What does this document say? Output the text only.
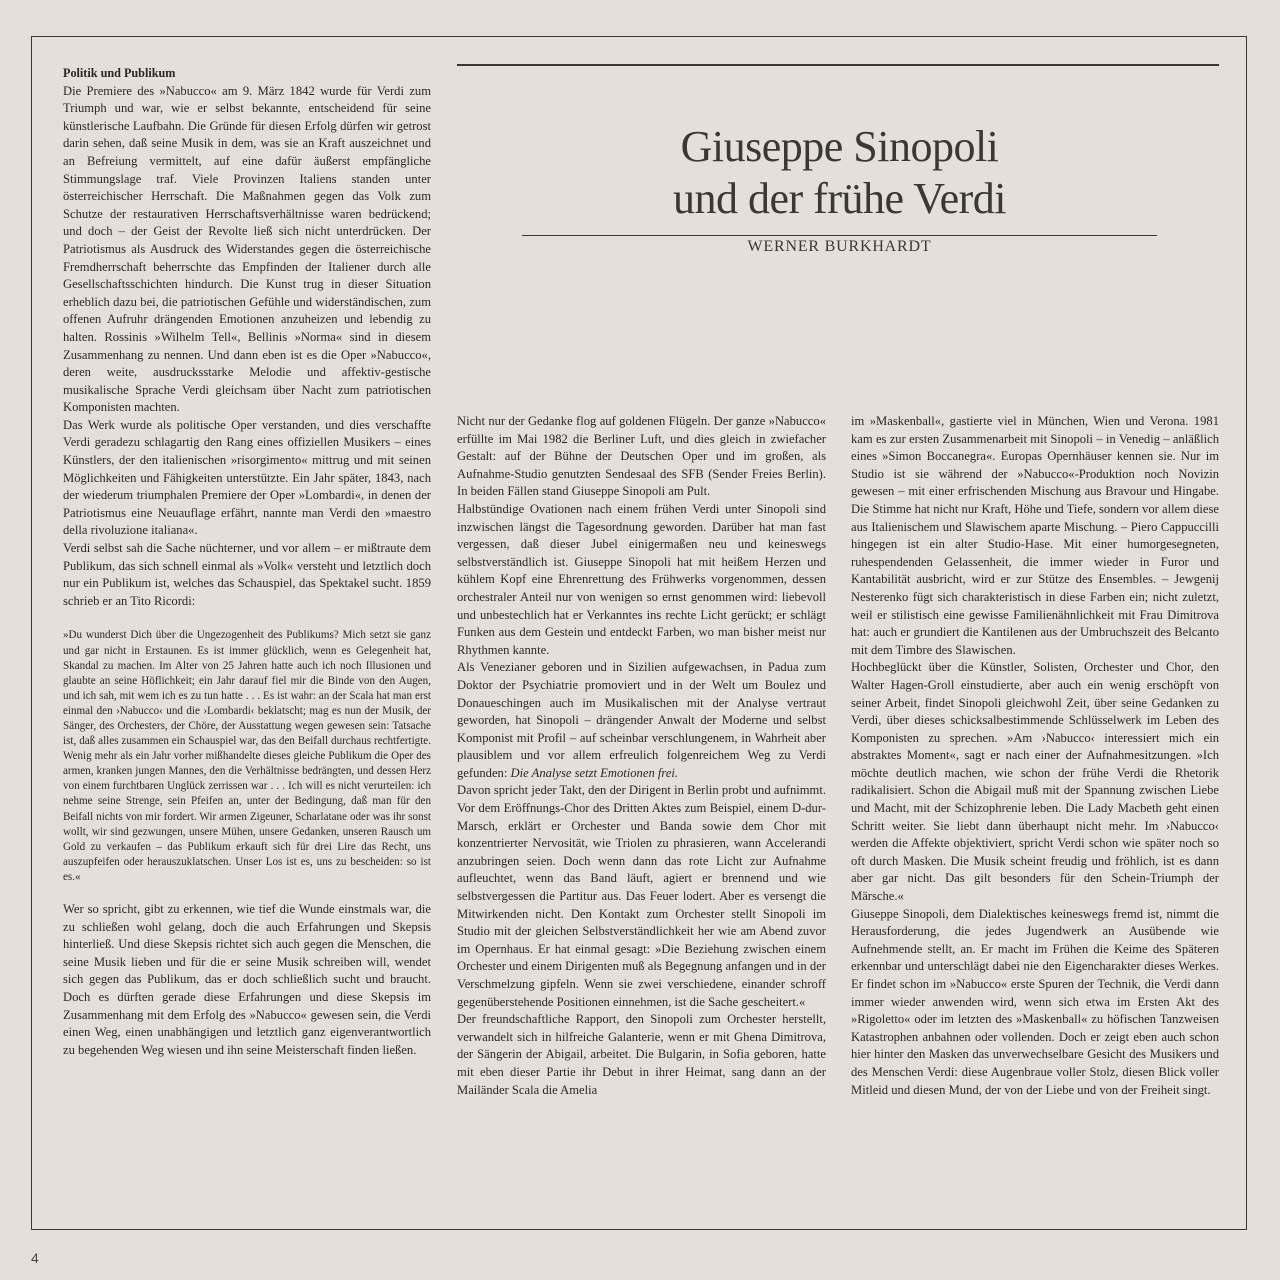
Giuseppe Sinopoli
und der frühe Verdi
WERNER BURKHARDT

Politik und Publikum

Die Premiere des »Nabucco« am 9. März 1842 wurde für Verdi zum Triumph und war, wie er selbst bekannte, entscheidend für seine künstlerische Laufbahn. Die Gründe für diesen Erfolg dürfen wir getrost darin sehen, daß seine Musik in dem, was sie an Kraft auszeichnet und an Befreiung vermittelt, auf eine dafür äußerst empfängliche Stimmungslage traf. Viele Provinzen Italiens standen unter österreichischer Herrschaft. Die Maßnahmen gegen das Volk zum Schutze der restaurativen Herrschaftsverhältnisse waren bedrückend; und doch – der Geist der Revolte ließ sich nicht unterdrücken. Der Patriotismus als Ausdruck des Widerstandes gegen die österreichische Fremdherrschaft beherrschte das Empfinden der Italiener durch alle Gesellschaftsschichten hindurch. Die Kunst trug in dieser Situation erheblich dazu bei, die patriotischen Gefühle und widerständischen, zum offenen Aufruhr drängenden Emotionen anzuheizen und lebendig zu halten. Rossinis »Wilhelm Tell«, Bellinis »Norma« sind in diesem Zusammenhang zu nennen. Und dann eben ist es die Oper »Nabucco«, deren weite, ausdrucksstarke Melodie und affektiv-gestische musikalische Sprache Verdi gleichsam über Nacht zum patriotischen Komponisten machten.

Das Werk wurde als politische Oper verstanden, und dies verschaffte Verdi geradezu schlagartig den Rang eines offiziellen Musikers – eines Künstlers, der den italienischen »risorgimento« mittrug und mit seinen Möglichkeiten und Fähigkeiten unterstützte. Ein Jahr später, 1843, nach der wiederum triumphalen Premiere der Oper »Lombardi«, in denen der Patriotismus eine Neuauflage erfährt, nannte man Verdi den »maestro della rivoluzione italiana«.

Verdi selbst sah die Sache nüchterner, und vor allem – er mißtraute dem Publikum, das sich schnell einmal als »Volk« versteht und letztlich doch nur ein Publikum ist, welches das Schauspiel, das Spektakel sucht. 1859 schrieb er an Tito Ricordi:

»Du wunderst Dich über die Ungezogenheit des Publikums? Mich setzt sie ganz und gar nicht in Erstaunen. Es ist immer glücklich, wenn es Gelegenheit hat, Skandal zu machen. Im Alter von 25 Jahren hatte auch ich noch Illusionen und glaubte an seine Höflichkeit; ein Jahr darauf fiel mir die Binde von den Augen, und ich sah, mit wem ich es zu tun hatte . . . Es ist wahr: an der Scala hat man erst einmal den ›Nabucco‹ und die ›Lombardi‹ beklatscht; mag es nun der Musik, der Sänger, des Orchesters, der Chöre, der Ausstattung wegen gewesen sein: Tatsache ist, daß alles zusammen ein Schauspiel war, das den Beifall durchaus rechtfertigte. Wenig mehr als ein Jahr vorher mißhandelte dieses gleiche Publikum die Oper des armen, kranken jungen Mannes, den die Verhältnisse bedrängten, und dessen Herz von einem furchtbaren Unglück zerrissen war . . . Ich will es nicht verurteilen: ich nehme seine Strenge, sein Pfeifen an, unter der Bedingung, daß man für den Beifall nichts von mir fordert. Wir armen Zigeuner, Scharlatane oder was ihr sonst wollt, wir sind gezwungen, unsere Mühen, unsere Gedanken, unseren Rausch um Gold zu verkaufen – das Publikum erkauft sich für drei Lire das Recht, uns auszupfeifen oder herauszuklatschen. Unser Los ist es, uns zu bescheiden: so ist es.«

Wer so spricht, gibt zu erkennen, wie tief die Wunde einstmals war, die zu schließen wohl gelang, doch die auch Erfahrungen und Skepsis hinterließ. Und diese Skepsis richtet sich auch gegen die Menschen, die seine Musik lieben und für die er seine Musik schreiben will, wendet sich gegen das Publikum, das er doch schließlich sucht und braucht. Doch es dürften gerade diese Erfahrungen und diese Skepsis im Zusammenhang mit dem Erfolg des »Nabucco« gewesen sein, die Verdi einen Weg, einen unabhängigen und letztlich ganz eigenverantwortlich zu begehenden Weg wiesen und ihn seine Meisterschaft finden ließen.

Nicht nur der Gedanke flog auf goldenen Flügeln. Der ganze »Nabucco« erfüllte im Mai 1982 die Berliner Luft, und dies gleich in zwiefacher Gestalt: auf der Bühne der Deutschen Oper und im großen, als Aufnahme-Studio genutzten Sendesaal des SFB (Sender Freies Berlin). In beiden Fällen stand Giuseppe Sinopoli am Pult.

Halbstündige Ovationen nach einem frühen Verdi unter Sinopoli sind inzwischen längst die Tagesordnung geworden. Darüber hat man fast vergessen, daß dieser Jubel einigermaßen neu und keineswegs selbstverständlich ist. Giuseppe Sinopoli hat mit heißem Herzen und kühlem Kopf eine Ehrenrettung des Frühwerks vorgenommen, dessen orchestraler Anteil nur von wenigen so ernst genommen wird: liebevoll und unbestechlich hat er Verkanntes ins rechte Licht gerückt; er schlägt Funken aus dem Gestein und entdeckt Farben, wo man bisher meist nur Rhythmen kannte.

Als Venezianer geboren und in Sizilien aufgewachsen, in Padua zum Doktor der Psychiatrie promoviert und in der Welt um Boulez und Donaueschingen auch im Musikalischen mit der Analyse vertraut geworden, hat Sinopoli – drängender Anwalt der Moderne und selbst Komponist mit Profil – auf scheinbar verschlungenem, in Wahrheit aber plausiblem und vor allem erfreulich folgenreichem Weg zu Verdi gefunden: Die Analyse setzt Emotionen frei.

Davon spricht jeder Takt, den der Dirigent in Berlin probt und aufnimmt. Vor dem Eröffnungs-Chor des Dritten Aktes zum Beispiel, einem D-dur-Marsch, erklärt er Orchester und Banda sowie dem Chor mit konzentrierter Nervosität, wie Triolen zu phrasieren, wann Accelerandi anzubringen seien. Doch wenn dann das rote Licht zur Aufnahme aufleuchtet, wenn das Band läuft, agiert er brennend und wie selbstvergessen die Partitur aus. Das Feuer lodert. Aber es versengt die Mitwirkenden nicht. Den Kontakt zum Orchester stellt Sinopoli im Studio mit der gleichen Selbstverständlichkeit her wie am Abend zuvor im Opernhaus. Er hat einmal gesagt: »Die Beziehung zwischen einem Orchester und einem Dirigenten muß als Begegnung anfangen und in der Verschmelzung gipfeln. Wenn sie zwei verschiedene, einander schroff gegenüberstehende Positionen einnehmen, ist die Sache gescheitert.«

Der freundschaftliche Rapport, den Sinopoli zum Orchester herstellt, verwandelt sich in hilfreiche Galanterie, wenn er mit Ghena Dimitrova, der Sängerin der Abigail, arbeitet. Die Bulgarin, in Sofia geboren, hatte mit eben dieser Partie ihr Debut in ihrer Heimat, sang dann an der Mailänder Scala die Amelia

im »Maskenball«, gastierte viel in München, Wien und Verona. 1981 kam es zur ersten Zusammenarbeit mit Sinopoli – in Venedig – anläßlich eines »Simon Boccanegra«. Europas Opernhäuser kennen sie. Nur im Studio ist sie während der »Nabucco«-Produktion noch Novizin gewesen – mit einer erfrischenden Mischung aus Bravour und Hingabe. Die Stimme hat nicht nur Kraft, Höhe und Tiefe, sondern vor allem diese aus Italienischem und Slawischem aparte Mischung. – Piero Cappuccilli hingegen ist ein alter Studio-Hase. Mit einer humorgesegneten, ruhespendenden Gelassenheit, die immer wieder in Furor und Kantabilität ausbricht, wird er zur Stütze des Ensembles. – Jewgenij Nesterenko fügt sich charakteristisch in diese Farben ein; nicht zuletzt, weil er stilistisch eine gewisse Familienähnlichkeit mit Frau Dimitrova hat: auch er grundiert die Kantilenen aus der Umbruchszeit des Belcanto mit dem Timbre des Slawischen.

Hochbeglückt über die Künstler, Solisten, Orchester und Chor, den Walter Hagen-Groll einstudierte, aber auch ein wenig erschöpft von seiner Arbeit, findet Sinopoli gleichwohl Zeit, über seine Gedanken zu Verdi, über dieses schicksalbestimmende Schlüsselwerk im Leben des Komponisten zu sprechen. »Am ›Nabucco‹ interessiert mich ein abstraktes Moment«, sagt er nach einer der Aufnahmesitzungen. »Ich möchte deutlich machen, wie schon der frühe Verdi die Rhetorik radikalisiert. Schon die Abigail muß mit der Spannung zwischen Liebe und Macht, mit der Schizophrenie leben. Die Lady Macbeth geht einen Schritt weiter. Sie liebt dann überhaupt nicht mehr. Im ›Nabucco‹ werden die Affekte objektiviert, spricht Verdi schon wie später noch so oft durch Masken. Die Musik scheint freudig und fröhlich, ist es dann aber gar nicht. Das gilt besonders für den Schein-Triumph der Märsche.«

Giuseppe Sinopoli, dem Dialektisches keineswegs fremd ist, nimmt die Herausforderung, die jedes Jugendwerk an Ausübende wie Aufnehmende stellt, an. Er macht im Frühen die Keime des Späteren erkennbar und unterschlägt dabei nie den Eigencharakter dieses Werkes. Er findet schon im »Nabucco« erste Spuren der Technik, die Verdi dann immer wieder anwenden wird, wenn sich etwa im Ersten Akt des »Rigoletto« oder im letzten des »Maskenball« zu höfischen Tanzweisen Katastrophen anbahnen oder vollenden. Doch er zeigt eben auch schon hier hinter den Masken das unverwechselbare Gesicht des Musikers und des Menschen Verdi: diese Augenbraue voller Stolz, diesen Blick voller Mitleid und diesen Mund, der von der Liebe und von der Freiheit singt.

4
